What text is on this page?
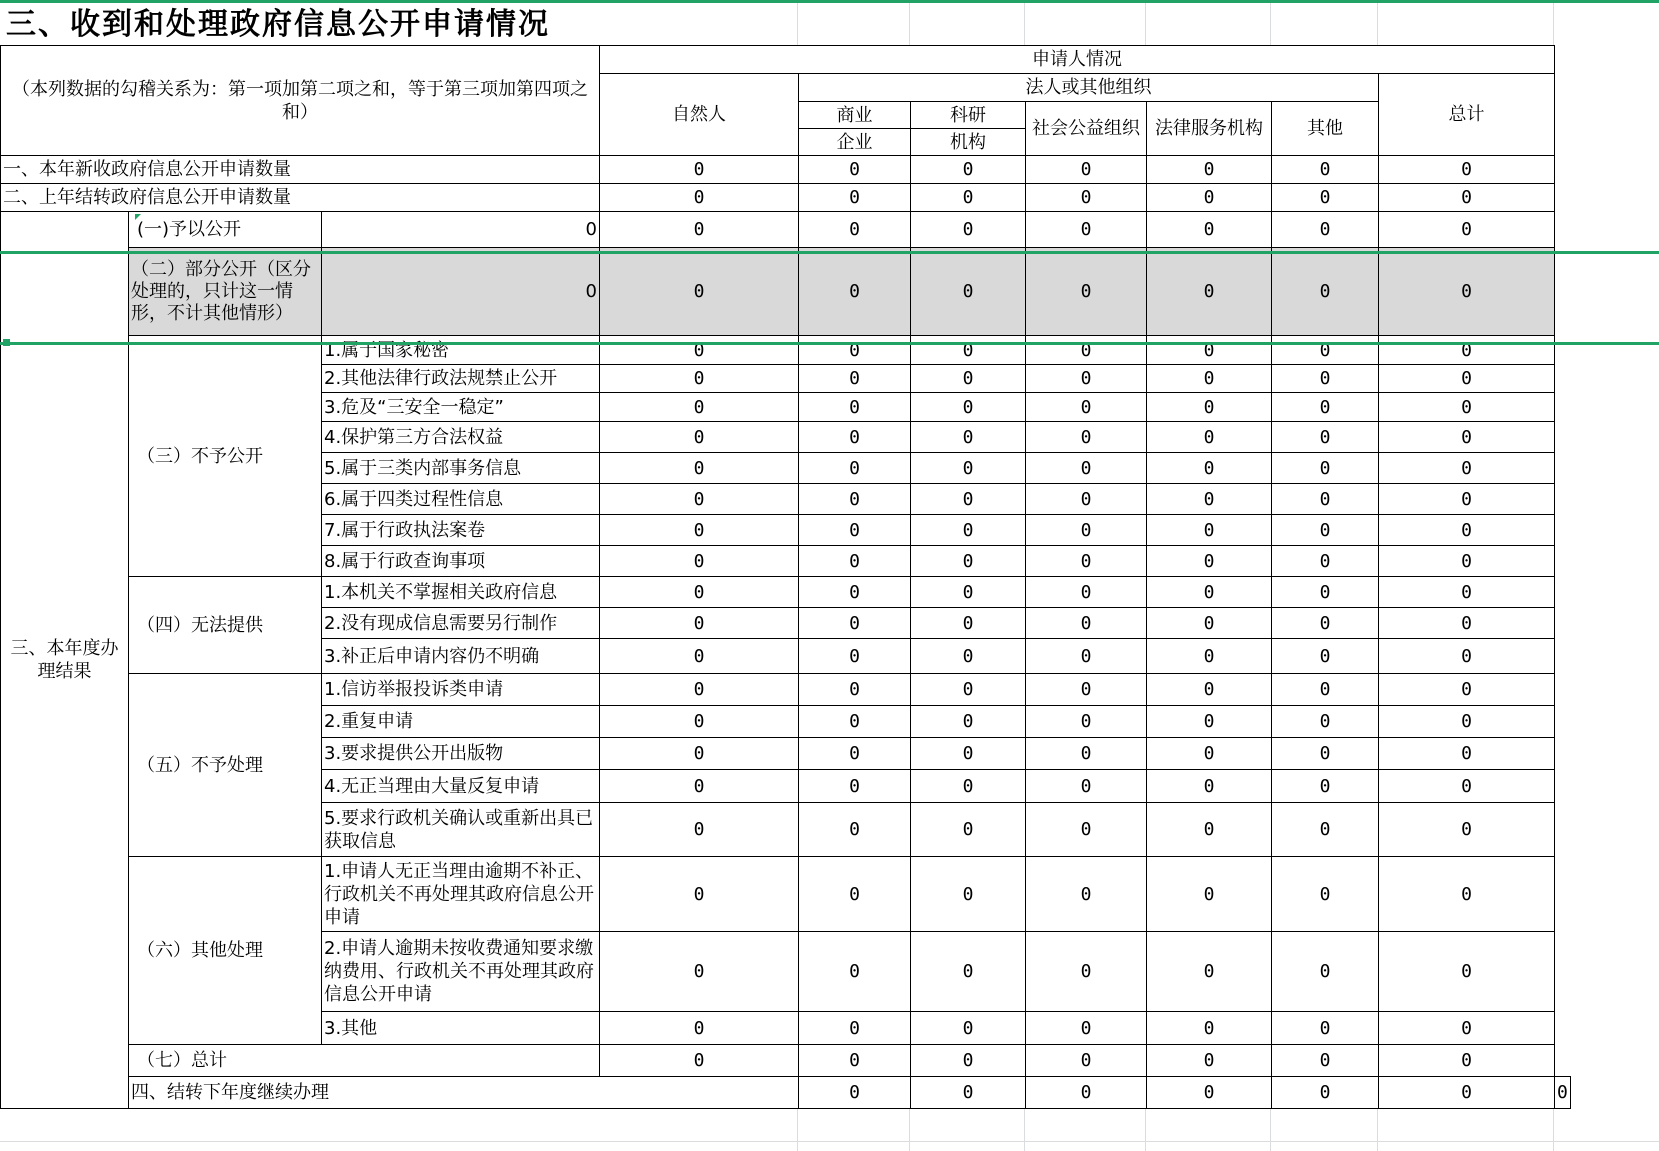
三、收到和处理政府信息公开申请情况
（本列数据的勾稽关系为：第一项加第二项之和，等于第三项加第四项之和）			申请人情况							
			自然人	法人或其他组织					总计	
				商业	科研	社会公益组织	法律服务机构	其他		
				企业	机构					
一、本年新收政府信息公开申请数量			0	0	0	0	0	0	0	
二、上年结转政府信息公开申请数量			0	0	0	0	0	0	0	
三、本年度办理结果	(一)予以公开	0	0	0	0	0	0	0	0	
	（二）部分公开（区分处理的，只计这一情形，不计其他情形）	0	0	0	0	0	0	0	0	
	（三）不予公开	1.属于国家秘密	0	0	0	0	0	0	0	
		2.其他法律行政法规禁止公开	0	0	0	0	0	0	0	
		3.危及“三安全一稳定”	0	0	0	0	0	0	0	
		4.保护第三方合法权益	0	0	0	0	0	0	0	
		5.属于三类内部事务信息	0	0	0	0	0	0	0	
		6.属于四类过程性信息	0	0	0	0	0	0	0	
		7.属于行政执法案卷	0	0	0	0	0	0	0	
		8.属于行政查询事项	0	0	0	0	0	0	0	
	（四）无法提供	1.本机关不掌握相关政府信息	0	0	0	0	0	0	0	
		2.没有现成信息需要另行制作	0	0	0	0	0	0	0	
		3.补正后申请内容仍不明确	0	0	0	0	0	0	0	
	（五）不予处理	1.信访举报投诉类申请	0	0	0	0	0	0	0	
		2.重复申请	0	0	0	0	0	0	0	
		3.要求提供公开出版物	0	0	0	0	0	0	0	
		4.无正当理由大量反复申请	0	0	0	0	0	0	0	
		5.要求行政机关确认或重新出具已获取信息	0	0	0	0	0	0	0	
	（六）其他处理	1.申请人无正当理由逾期不补正、行政机关不再处理其政府信息公开申请	0	0	0	0	0	0	0	
		2.申请人逾期未按收费通知要求缴纳费用、行政机关不再处理其政府信息公开申请	0	0	0	0	0	0	0	
		3.其他	0	0	0	0	0	0	0	
	（七）总计		0	0	0	0	0	0	0	
	四、结转下年度继续办理			0	0	0	0	0	0	0
